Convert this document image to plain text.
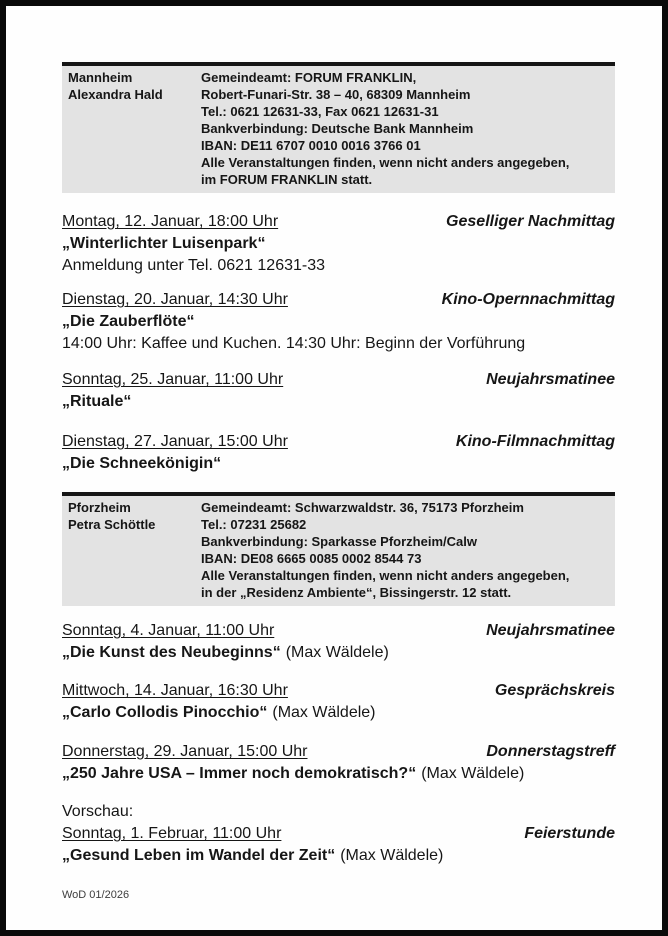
Mannheim
Alexandra Hald
Gemeindeamt: FORUM FRANKLIN,
Robert-Funari-Str. 38 – 40, 68309 Mannheim
Tel.: 0621 12631-33, Fax 0621 12631-31
Bankverbindung: Deutsche Bank Mannheim
IBAN: DE11 6707 0010 0016 3766 01
Alle Veranstaltungen finden, wenn nicht anders angegeben,
im FORUM FRANKLIN statt.
Montag, 12. Januar, 18:00 Uhr	Geselliger Nachmittag
„Winterlichter Luisenpark“
Anmeldung unter Tel. 0621 12631-33
Dienstag, 20. Januar, 14:30 Uhr	Kino-Opernnachmittag
„Die Zauberflöte“
14:00 Uhr: Kaffee und Kuchen. 14:30 Uhr: Beginn der Vorführung
Sonntag, 25. Januar, 11:00 Uhr	Neujahrsmatinee
„Rituale“
Dienstag, 27. Januar, 15:00 Uhr	Kino-Filmnachmittag
„Die Schneekönigin“
Pforzheim
Petra Schöttle
Gemeindeamt: Schwarzwaldstr. 36, 75173 Pforzheim
Tel.: 07231 25682
Bankverbindung: Sparkasse Pforzheim/Calw
IBAN: DE08 6665 0085 0002 8544 73
Alle Veranstaltungen finden, wenn nicht anders angegeben,
in der „Residenz Ambiente“, Bissingerstr. 12 statt.
Sonntag, 4. Januar, 11:00 Uhr	Neujahrsmatinee
„Die Kunst des Neubeginns“ (Max Wäldele)
Mittwoch, 14. Januar, 16:30 Uhr	Gesprächskreis
„Carlo Collodis Pinocchio“ (Max Wäldele)
Donnerstag, 29. Januar, 15:00 Uhr	Donnerstagstreff
„250 Jahre USA – Immer noch demokratisch?“ (Max Wäldele)
Vorschau:
Sonntag, 1. Februar, 11:00 Uhr	Feierstunde
„Gesund Leben im Wandel der Zeit“ (Max Wäldele)
WoD 01/2026
